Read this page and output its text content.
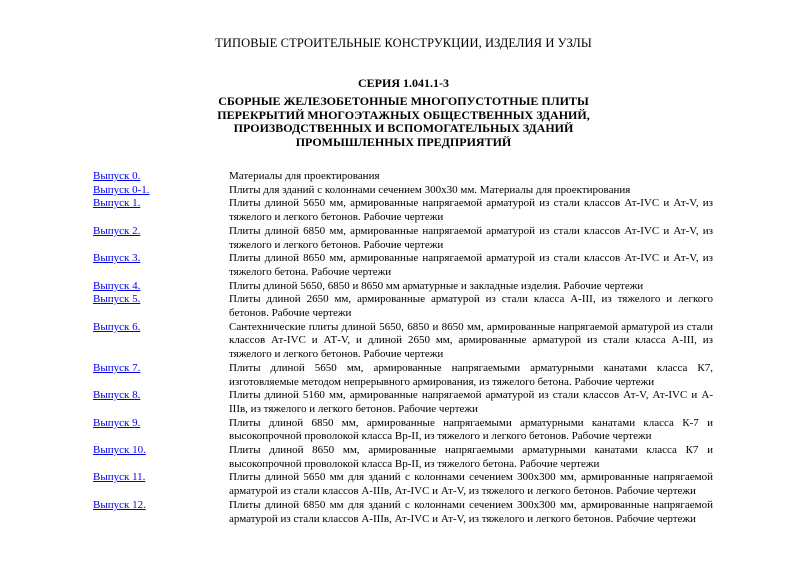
ТИПОВЫЕ СТРОИТЕЛЬНЫЕ КОНСТРУКЦИИ, ИЗДЕЛИЯ И УЗЛЫ
СЕРИЯ 1.041.1-3
СБОРНЫЕ ЖЕЛЕЗОБЕТОННЫЕ МНОГОПУСТОТНЫЕ ПЛИТЫ
ПЕРЕКРЫТИЙ МНОГОЭТАЖНЫХ ОБЩЕСТВЕННЫХ ЗДАНИЙ,
ПРОИЗВОДСТВЕННЫХ И ВСПОМОГАТЕЛЬНЫХ ЗДАНИЙ
ПРОМЫШЛЕННЫХ ПРЕДПРИЯТИЙ
Выпуск 0.	Материалы для проектирования
Выпуск 0-1.	Плиты для зданий с колоннами сечением 300х30 мм. Материалы для проектирования
Выпуск 1.	Плиты длиной 5650 мм, армированные напрягаемой арматурой из стали классов Ат-IVС и Ат-V, из тяжелого и легкого бетонов. Рабочие чертежи
Выпуск 2.	Плиты длиной 6850 мм, армированные напрягаемой арматурой из стали классов Ат-IVС и Ат-V, из тяжелого и легкого бетонов. Рабочие чертежи
Выпуск 3.	Плиты длиной 8650 мм, армированные напрягаемой арматурой из стали классов Ат-IVС и Ат-V, из тяжелого бетона. Рабочие чертежи
Выпуск 4.	Плиты длиной 5650, 6850 и 8650 мм арматурные и закладные изделия. Рабочие чертежи
Выпуск 5.	Плиты длиной 2650 мм, армированные арматурой из стали класса А-III, из тяжелого и легкого бетонов. Рабочие чертежи
Выпуск 6.	Сантехнические плиты длиной 5650, 6850 и 8650 мм, армированные напрягаемой арматурой из стали классов Ат-IVС и АТ-V, и длиной 2650 мм, армированные арматурой из стали класса А-III, из тяжелого и легкого бетонов. Рабочие чертежи
Выпуск 7.	Плиты длиной 5650 мм, армированные напрягаемыми арматурными канатами класса К7, изготовляемые методом непрерывного армирования, из тяжелого бетона. Рабочие чертежи
Выпуск 8.	Плиты длиной 5160 мм, армированные напрягаемой арматурой из стали классов Ат-V, Ат-IVС и А-IIIв, из тяжелого и легкого бетонов. Рабочие чертежи
Выпуск 9.	Плиты длиной 6850 мм, армированные напрягаемыми арматурными канатами класса К-7 и высокопрочной проволокой класса Вр-II, из тяжелого и легкого бетонов. Рабочие чертежи
Выпуск 10.	Плиты длиной 8650 мм, армированные напрягаемыми арматурными канатами класса К7 и высокопрочной проволокой класса Вр-II, из тяжелого бетона. Рабочие чертежи
Выпуск 11.	Плиты длиной 5650 мм для зданий с колоннами сечением 300х300 мм, армированные напрягаемой арматурой из стали классов А-IIIв, Ат-IVС и Ат-V, из тяжелого и легкого бетонов. Рабочие чертежи
Выпуск 12.	Плиты длиной 6850 мм для зданий с колоннами сечением 300х300 мм, армированные напрягаемой арматурой из стали классов А-IIIв, Ат-IVС и Ат-V, из тяжелого и легкого бетонов. Рабочие чертежи
